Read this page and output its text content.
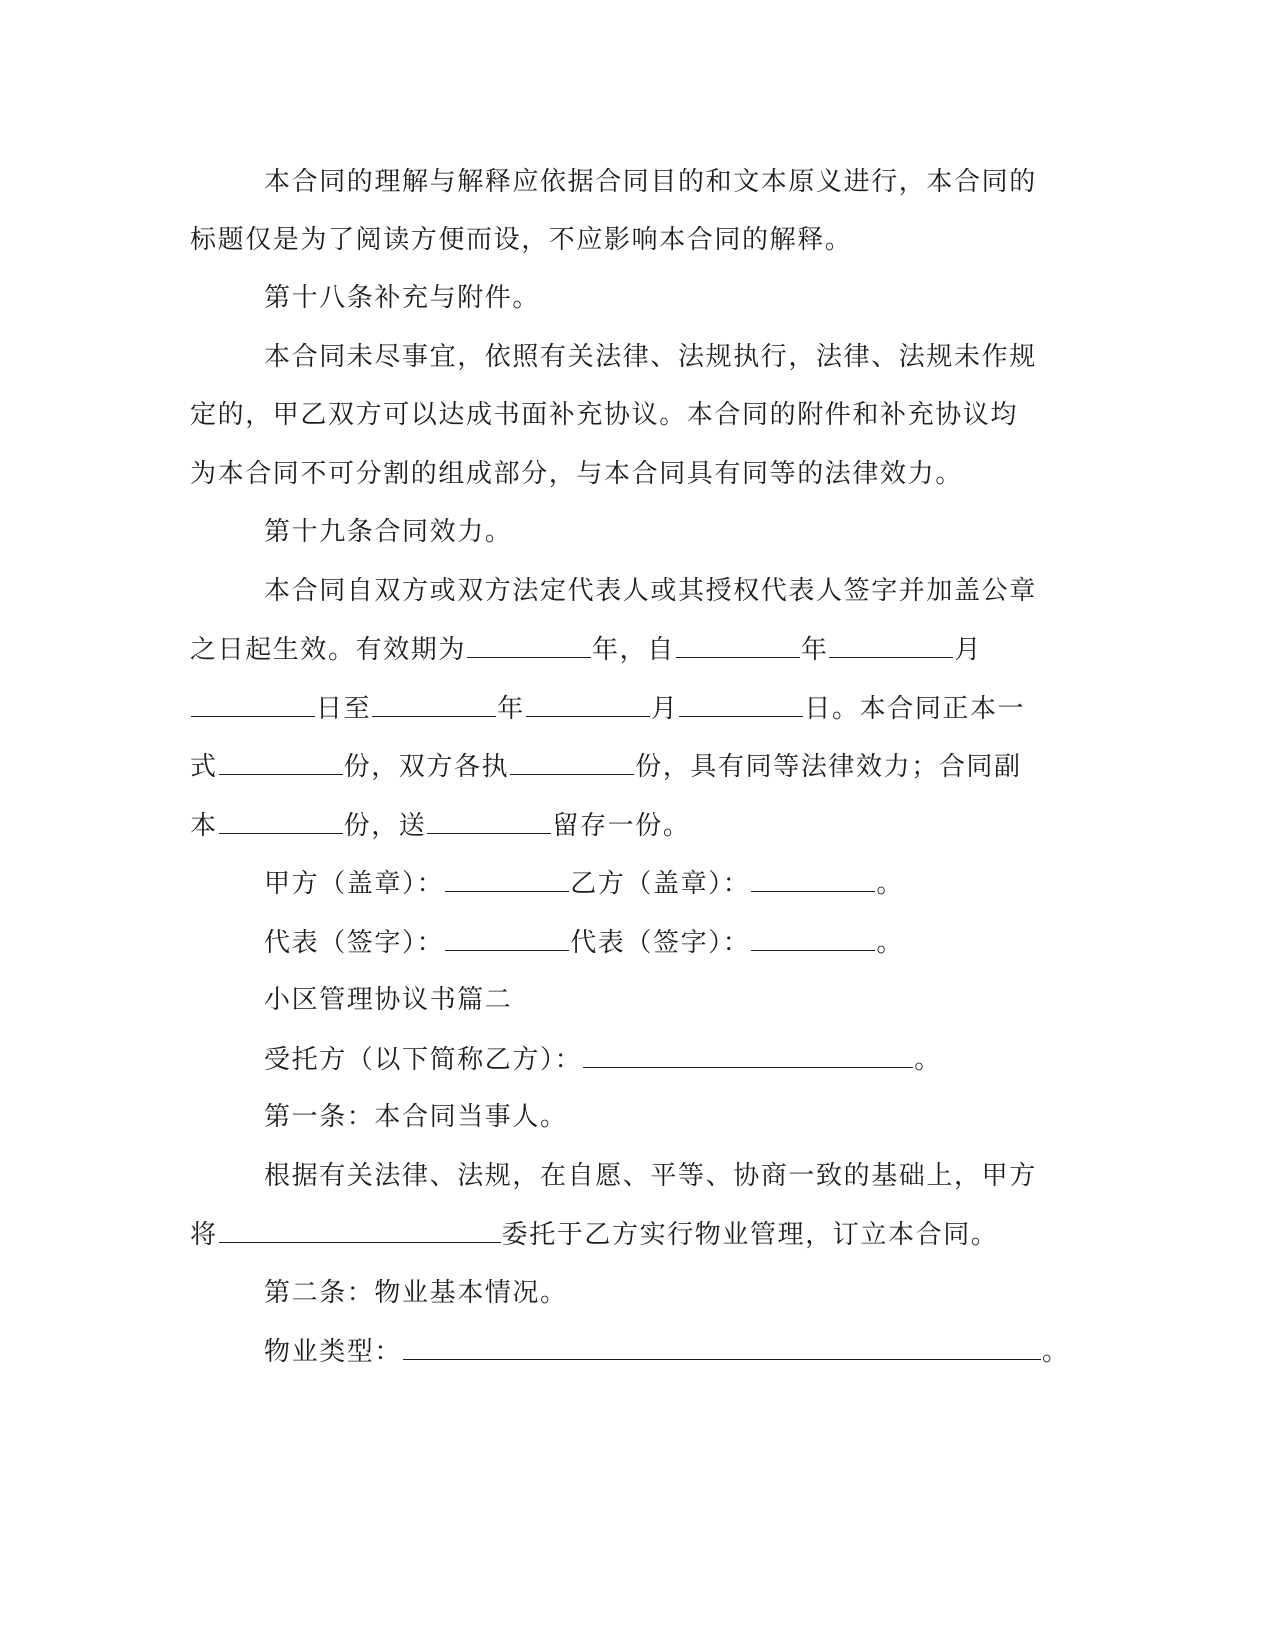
本合同的理解与解释应依据合同目的和文本原义进行，本合同的

标题仅是为了阅读方便而设，不应影响本合同的解释。

第十八条补充与附件。

本合同未尽事宜，依照有关法律、法规执行，法律、法规未作规

定的，甲乙双方可以达成书面补充协议。本合同的附件和补充协议均

为本合同不可分割的组成部分，与本合同具有同等的法律效力。

第十九条合同效力。

本合同自双方或双方法定代表人或其授权代表人签字并加盖公章

之日起生效。有效期为	年，自	年	月

日至	年	月	日。本合同正本一

式	份，双方各执	份，具有同等法律效力；合同副

本	份，送	留存一份。

甲方（盖章）：	乙方（盖章）：	。

代表（签字）：	代表（签字）：	。

小区管理协议书篇二

受托方（以下简称乙方）：	。

第一条：本合同当事人。

根据有关法律、法规，在自愿、平等、协商一致的基础上，甲方

将	委托于乙方实行物业管理，订立本合同。

第二条：物业基本情况。

物业类型：	。
